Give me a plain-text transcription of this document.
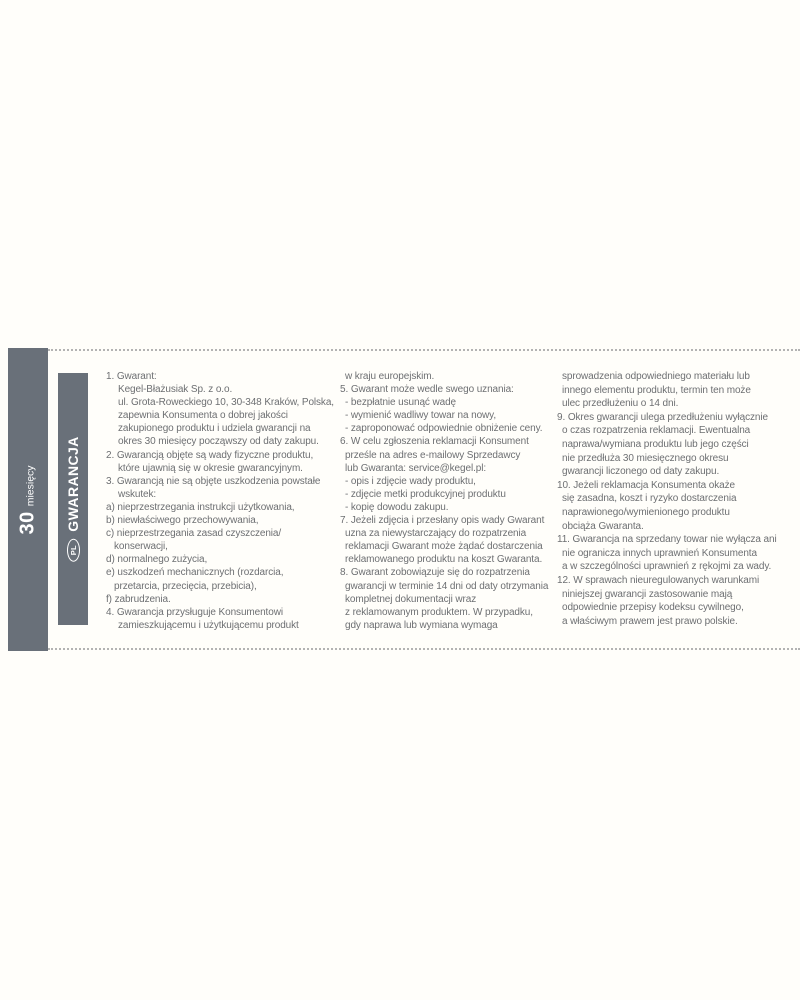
30
miesięcy
PL
GWARANCJA
1. Gwarant:
Kegel-Błażusiak Sp. z o.o.
ul. Grota-Roweckiego 10, 30-348 Kraków, Polska,
zapewnia Konsumenta o dobrej jakości
zakupionego produktu i udziela gwarancji na
okres 30 miesięcy począwszy od daty zakupu.
2. Gwarancją objęte są wady fizyczne produktu,
które ujawnią się w okresie gwarancyjnym.
3. Gwarancją nie są objęte uszkodzenia powstałe
wskutek:
a) nieprzestrzegania instrukcji użytkowania,
b) niewłaściwego przechowywania,
c) nieprzestrzegania zasad czyszczenia/
konserwacji,
d) normalnego zużycia,
e) uszkodzeń mechanicznych (rozdarcia,
przetarcia, przecięcia, przebicia),
f) zabrudzenia.
4. Gwarancja przysługuje Konsumentowi
zamieszkującemu i użytkującemu produkt
w kraju europejskim.
5. Gwarant może wedle swego uznania:
- bezpłatnie usunąć wadę
- wymienić wadliwy towar na nowy,
- zaproponować odpowiednie obniżenie ceny.
6. W celu zgłoszenia reklamacji Konsument
prześle na adres e-mailowy Sprzedawcy
lub Gwaranta: service@kegel.pl:
- opis i zdjęcie wady produktu,
- zdjęcie metki produkcyjnej produktu
- kopię dowodu zakupu.
7. Jeżeli zdjęcia i przesłany opis wady Gwarant
uzna za niewystarczający do rozpatrzenia
reklamacji Gwarant może żądać dostarczenia
reklamowanego produktu na koszt Gwaranta.
8. Gwarant zobowiązuje się do rozpatrzenia
gwarancji w terminie 14 dni od daty otrzymania
kompletnej dokumentacji wraz
z reklamowanym produktem. W przypadku,
gdy naprawa lub wymiana wymaga
sprowadzenia odpowiedniego materiału lub
innego elementu produktu, termin ten może
ulec przedłużeniu o 14 dni.
9. Okres gwarancji ulega przedłużeniu wyłącznie
o czas rozpatrzenia reklamacji. Ewentualna
naprawa/wymiana produktu lub jego części
nie przedłuża 30 miesięcznego okresu
gwarancji liczonego od daty zakupu.
10. Jeżeli reklamacja Konsumenta okaże
się zasadna, koszt i ryzyko dostarczenia
naprawionego/wymienionego produktu
obciąża Gwaranta.
11. Gwarancja na sprzedany towar nie wyłącza ani
nie ogranicza innych uprawnień Konsumenta
a w szczególności uprawnień z rękojmi za wady.
12. W sprawach nieuregulowanych warunkami
niniejszej gwarancji zastosowanie mają
odpowiednie przepisy kodeksu cywilnego,
a właściwym prawem jest prawo polskie.
